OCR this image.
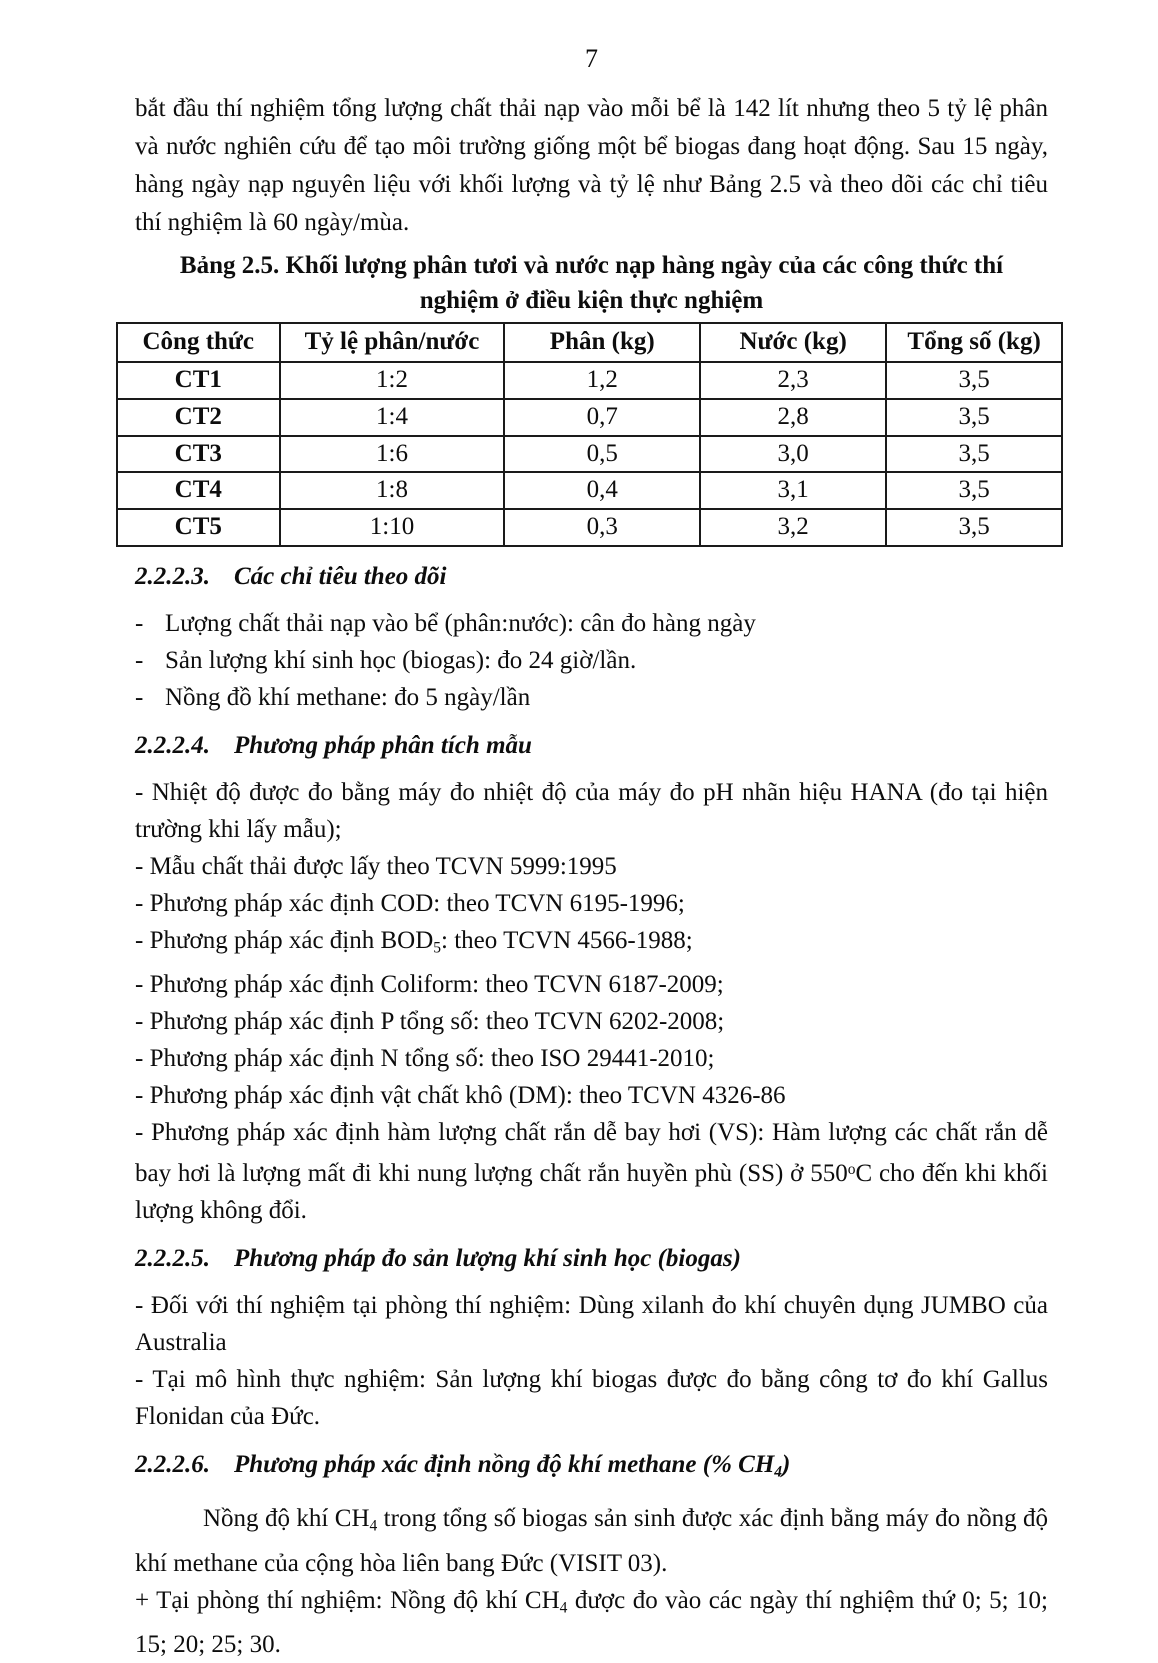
7

bắt đầu thí nghiệm tổng lượng chất thải nạp vào mỗi bể là 142 lít nhưng theo 5 tỷ lệ phân và nước nghiên cứu để tạo môi trường giống một bể biogas đang hoạt động. Sau 15 ngày, hàng ngày nạp nguyên liệu với khối lượng và tỷ lệ như Bảng 2.5 và theo dõi các chỉ tiêu thí nghiệm là 60 ngày/mùa.

Bảng 2.5. Khối lượng phân tươi và nước nạp hàng ngày của các công thức thí nghiệm ở điều kiện thực nghiệm
Công thức	Tỷ lệ phân/nước	Phân (kg)	Nước (kg)	Tổng số (kg)
CT1	1:2	1,2	2,3	3,5
CT2	1:4	0,7	2,8	3,5
CT3	1:6	0,5	3,0	3,5
CT4	1:8	0,4	3,1	3,5
CT5	1:10	0,3	3,2	3,5
2.2.2.3. Các chỉ tiêu theo dõi
- Lượng chất thải nạp vào bể (phân:nước): cân đo hàng ngày
- Sản lượng khí sinh học (biogas): đo 24 giờ/lần.
- Nồng đồ khí methane: đo 5 ngày/lần
2.2.2.4. Phương pháp phân tích mẫu

- Nhiệt độ được đo bằng máy đo nhiệt độ của máy đo pH nhãn hiệu HANA (đo tại hiện trường khi lấy mẫu);

- Mẫu chất thải được lấy theo TCVN 5999:1995

- Phương pháp xác định COD: theo TCVN 6195-1996;

- Phương pháp xác định $BOD_5$: theo TCVN 4566-1988;

- Phương pháp xác định Coliform: theo TCVN 6187-2009;

- Phương pháp xác định P tổng số: theo TCVN 6202-2008;

- Phương pháp xác định N tổng số: theo ISO 29441-2010;

- Phương pháp xác định vật chất khô (DM): theo TCVN 4326-86

- Phương pháp xác định hàm lượng chất rắn dễ bay hơi (VS): Hàm lượng các chất rắn dễ bay hơi là lượng mất đi khi nung lượng chất rắn huyền phù (SS) ở 550$^o$C cho đến khi khối lượng không đổi.

2.2.2.5. Phương pháp đo sản lượng khí sinh học (biogas)

- Đối với thí nghiệm tại phòng thí nghiệm: Dùng xilanh đo khí chuyên dụng JUMBO của Australia

- Tại mô hình thực nghiệm: Sản lượng khí biogas được đo bằng công tơ đo khí Gallus Flonidan của Đức.

2.2.2.6. Phương pháp xác định nồng độ khí methane (% $CH_4$)

Nồng độ khí $CH_4$ trong tổng số biogas sản sinh được xác định bằng máy đo nồng độ khí methane của cộng hòa liên bang Đức (VISIT 03).

+ Tại phòng thí nghiệm: Nồng độ khí $CH_4$ được đo vào các ngày thí nghiệm thứ 0; 5; 10; 15; 20; 25; 30.
